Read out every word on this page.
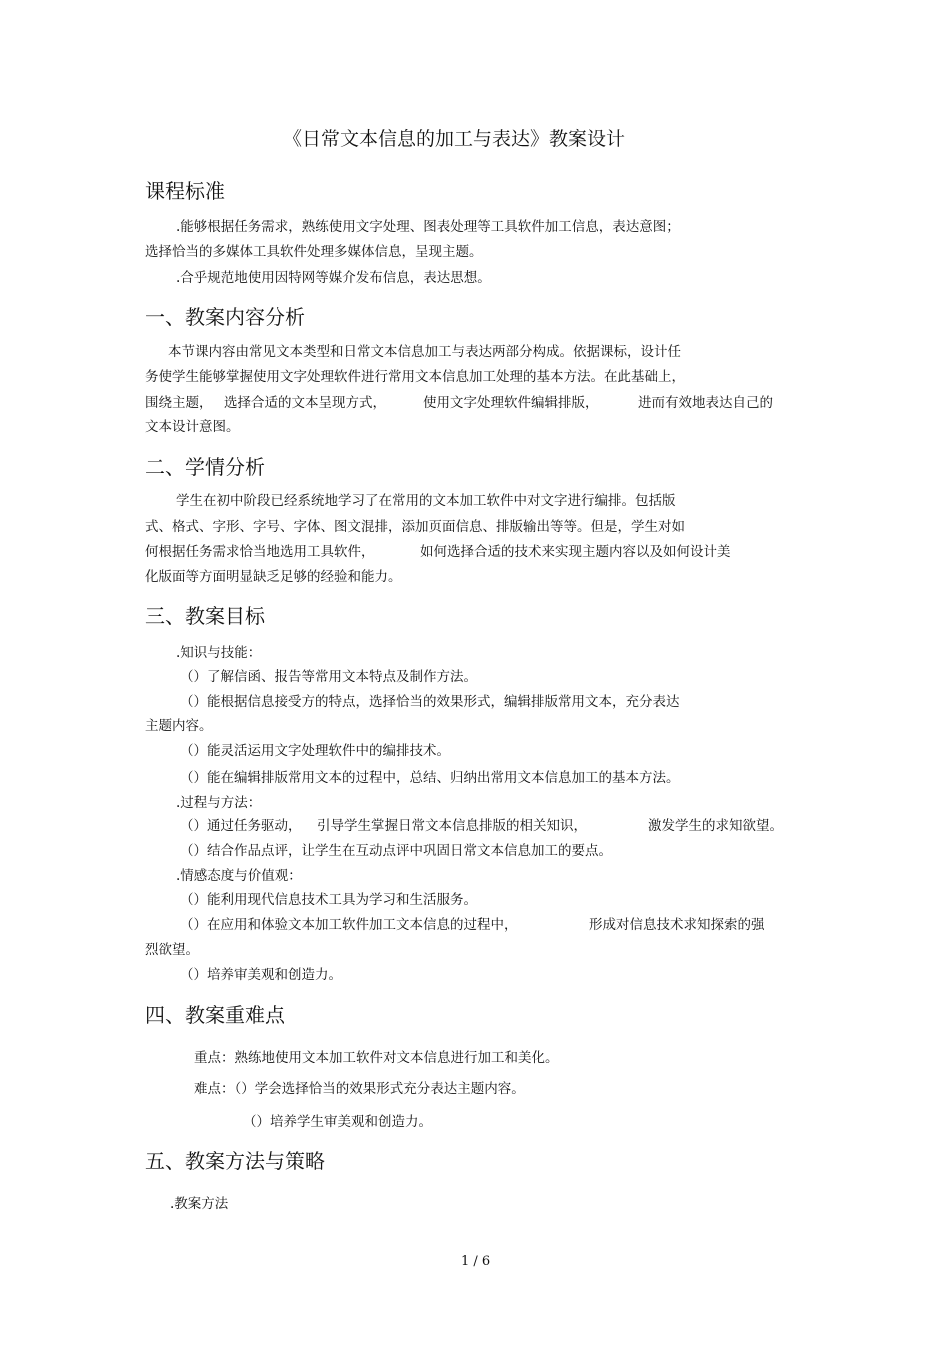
《日常文本信息的加工与表达》教案设计
课程标准
.能够根据任务需求，熟练使用文字处理、图表处理等工具软件加工信息，表达意图；
选择恰当的多媒体工具软件处理多媒体信息，呈现主题。
.合乎规范地使用因特网等媒介发布信息，表达思想。
一、教案内容分析
本节课内容由常见文本类型和日常文本信息加工与表达两部分构成。依据课标，设计任
务使学生能够掌握使用文字处理软件进行常用文本信息加工处理的基本方法。在此基础上，
围绕主题， 选择合适的文本呈现方式，	使用文字处理软件编辑排版，	进而有效地表达自己的
文本设计意图。
二、学情分析
学生在初中阶段已经系统地学习了在常用的文本加工软件中对文字进行编排。包括版
式、格式、字形、字号、字体、图文混排，添加页面信息、排版输出等等。但是，学生对如
何根据任务需求恰当地选用工具软件，	如何选择合适的技术来实现主题内容以及如何设计美
化版面等方面明显缺乏足够的经验和能力。
三、教案目标
.知识与技能：
（）了解信函、报告等常用文本特点及制作方法。
（）能根据信息接受方的特点，选择恰当的效果形式，编辑排版常用文本，充分表达
主题内容。
（）能灵活运用文字处理软件中的编排技术。
（）能在编辑排版常用文本的过程中，总结、归纳出常用文本信息加工的基本方法。
.过程与方法：
（）通过任务驱动， 引导学生掌握日常文本信息排版的相关知识，	激发学生的求知欲望。
（）结合作品点评，让学生在互动点评中巩固日常文本信息加工的要点。
.情感态度与价值观：
（）能利用现代信息技术工具为学习和生活服务。
（）在应用和体验文本加工软件加工文本信息的过程中，	形成对信息技术求知探索的强
烈欲望。
（）培养审美观和创造力。
四、教案重难点
重点：熟练地使用文本加工软件对文本信息进行加工和美化。
难点：（）学会选择恰当的效果形式充分表达主题内容。
（）培养学生审美观和创造力。
五、教案方法与策略
.教案方法
1 / 6
